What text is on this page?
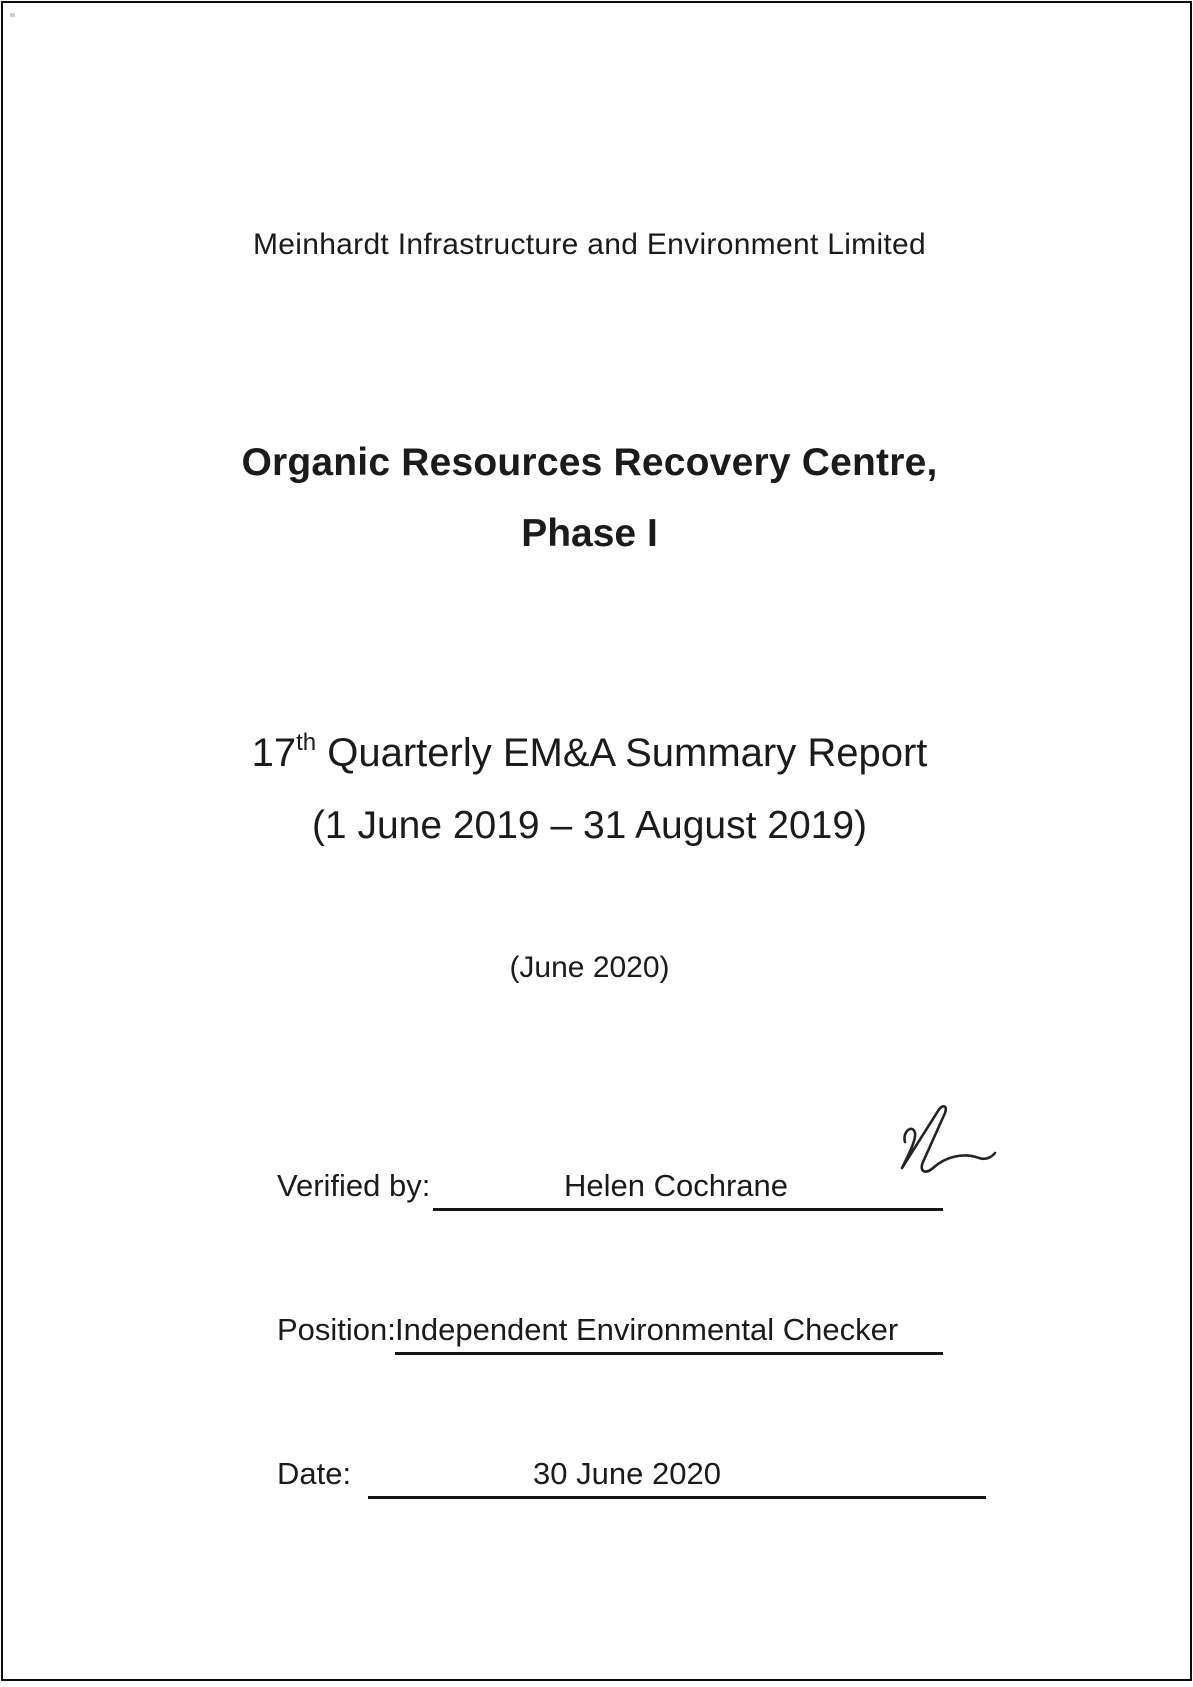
Meinhardt Infrastructure and Environment Limited
Organic Resources Recovery Centre,
Phase I
17th Quarterly EM&A Summary Report
(1 June 2019 – 31 August 2019)
(June 2020)
Verified by:	Helen Cochrane
Position: Independent Environmental Checker
Date:	30 June 2020
